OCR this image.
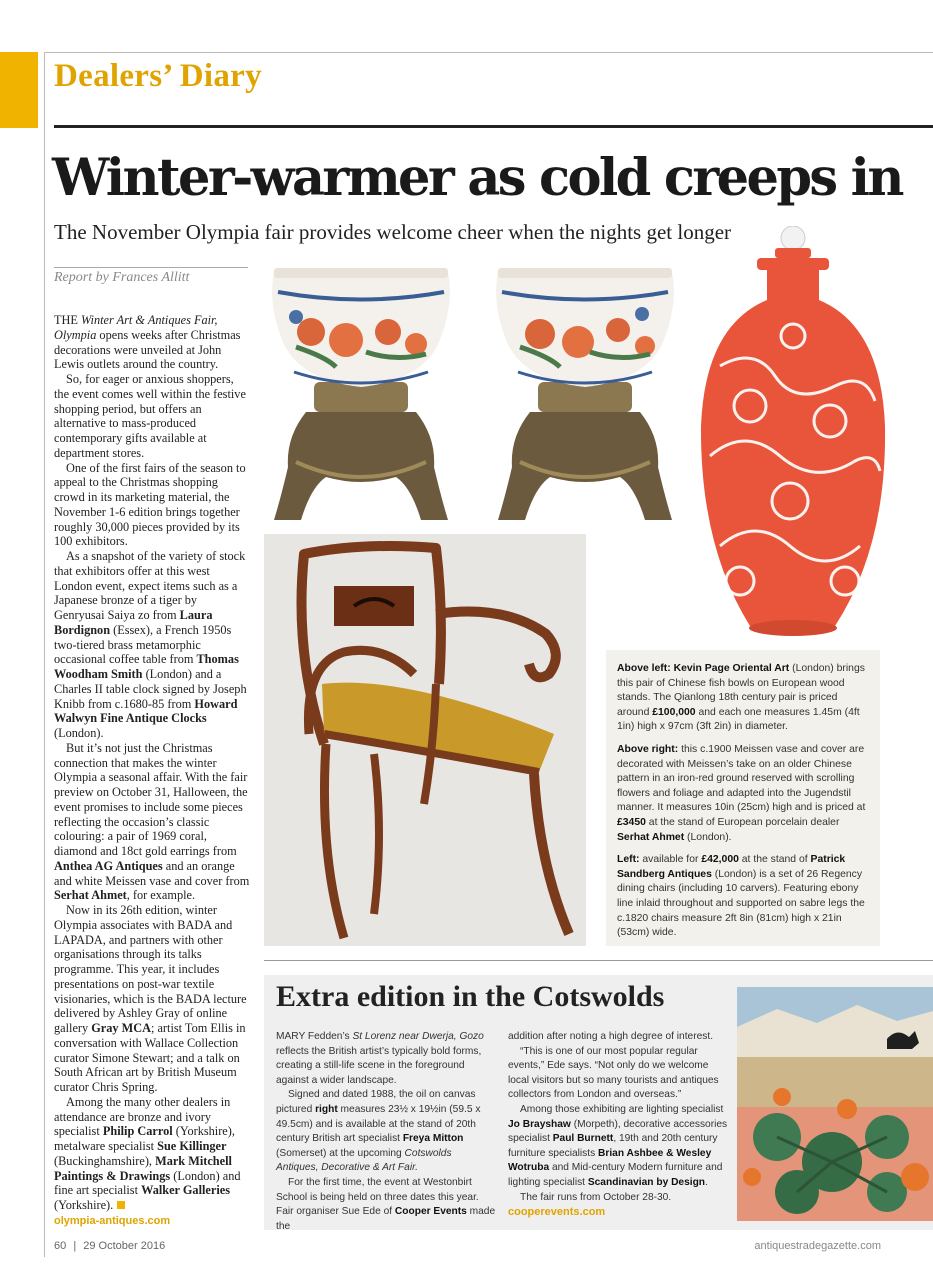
Dealers’ Diary
Winter-warmer as cold creeps in
The November Olympia fair provides welcome cheer when the nights get longer
Report by Frances Allitt

THE Winter Art & Antiques Fair, Olympia opens weeks after Christmas decorations were unveiled at John Lewis outlets around the country.

So, for eager or anxious shoppers, the event comes well within the festive shopping period, but offers an alternative to mass-produced contemporary gifts available at department stores.

One of the first fairs of the season to appeal to the Christmas shopping crowd in its marketing material, the November 1-6 edition brings together roughly 30,000 pieces provided by its 100 exhibitors.

As a snapshot of the variety of stock that exhibitors offer at this west London event, expect items such as a Japanese bronze of a tiger by Genryusai Saiya zo from Laura Bordignon (Essex), a French 1950s two-tiered brass metamorphic occasional coffee table from Thomas Woodham Smith (London) and a Charles II table clock signed by Joseph Knibb from c.1680-85 from Howard Walwyn Fine Antique Clocks (London).

But it’s not just the Christmas connection that makes the winter Olympia a seasonal affair. With the fair preview on October 31, Halloween, the event promises to include some pieces reflecting the occasion’s classic colouring: a pair of 1969 coral, diamond and 18ct gold earrings from Anthea AG Antiques and an orange and white Meissen vase and cover from Serhat Ahmet, for example.

Now in its 26th edition, winter Olympia associates with BADA and LAPADA, and partners with other organisations through its talks programme. This year, it includes presentations on post-war textile visionaries, which is the BADA lecture delivered by Ashley Gray of online gallery Gray MCA; artist Tom Ellis in conversation with Wallace Collection curator Simone Stewart; and a talk on South African art by British Museum curator Chris Spring.

Among the many other dealers in attendance are bronze and ivory specialist Philip Carrol (Yorkshire), metalware specialist Sue Killinger (Buckinghamshire), Mark Mitchell Paintings & Drawings (London) and fine art specialist Walker Galleries (Yorkshire).

olympia-antiques.com

Above left: Kevin Page Oriental Art (London) brings this pair of Chinese fish bowls on European wood stands. The Qianlong 18th century pair is priced around £100,000 and each one measures 1.45m (4ft 1in) high x 97cm (3ft 2in) in diameter.

Above right: this c.1900 Meissen vase and cover are decorated with Meissen’s take on an older Chinese pattern in an iron-red ground reserved with scrolling flowers and foliage and adapted into the Jugendstil manner. It measures 10in (25cm) high and is priced at £3450 at the stand of European porcelain dealer Serhat Ahmet (London).

Left: available for £42,000 at the stand of Patrick Sandberg Antiques (London) is a set of 26 Regency dining chairs (including 10 carvers). Featuring ebony line inlaid throughout and supported on sabre legs the c.1820 chairs measure 2ft 8in (81cm) high x 21in (53cm) wide.

Extra edition in the Cotswolds

MARY Fedden’s St Lorenz near Dwerja, Gozo reflects the British artist’s typically bold forms, creating a still-life scene in the foreground against a wider landscape.

Signed and dated 1988, the oil on canvas pictured right measures 23½ x 19½in (59.5 x 49.5cm) and is available at the stand of 20th century British art specialist Freya Mitton (Somerset) at the upcoming Cotswolds Antiques, Decorative & Art Fair.

For the first time, the event at Westonbirt School is being held on three dates this year. Fair organiser Sue Ede of Cooper Events made the

addition after noting a high degree of interest.

“This is one of our most popular regular events,” Ede says. “Not only do we welcome local visitors but so many tourists and antiques collectors from London and overseas.”

Among those exhibiting are lighting specialist Jo Brayshaw (Morpeth), decorative accessories specialist Paul Burnett, 19th and 20th century furniture specialists Brian Ashbee & Wesley Wotruba and Mid-century Modern furniture and lighting specialist Scandinavian by Design.

The fair runs from October 28-30.

cooperevents.com
60 | 29 October 2016	antiquestradegazette.com
